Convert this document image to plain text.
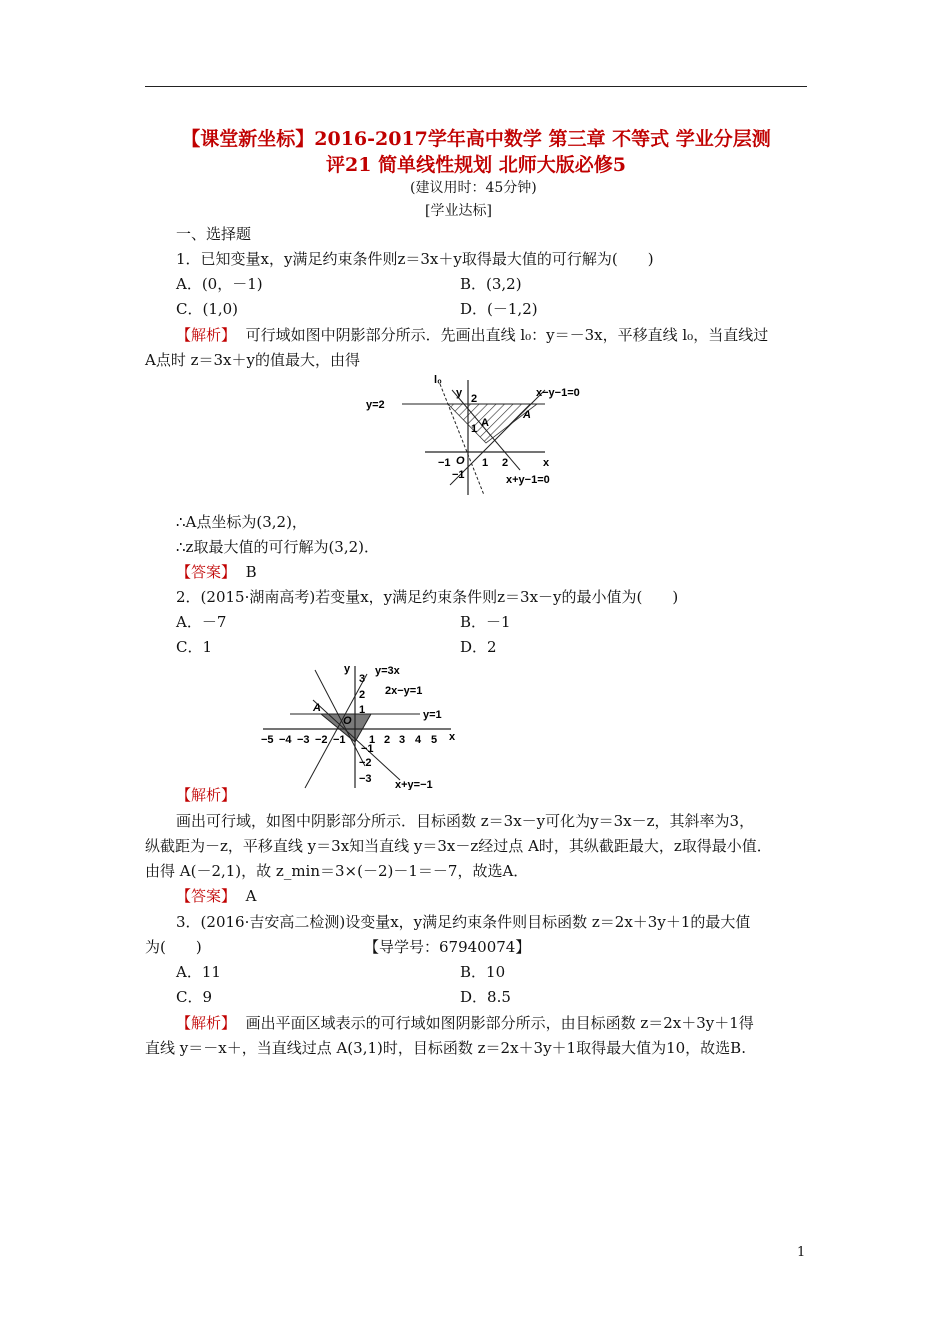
【课堂新坐标】2016-2017学年高中数学 第三章 不等式 学业分层测
评21 简单线性规划 北师大版必修5
(建议用时：45分钟)
[学业达标]
一、选择题
1．已知变量x，y满足约束条件则z＝3x＋y取得最大值的可行解为(　　)
A．(0，－1)	B．(3,2)
C．(1,0)	D．(－1,2)
【解析】 可行域如图中阴影部分所示．先画出直线 l₀：y＝－3x，平移直线 l₀，当直线过
A点时 z＝3x＋y的值最大，由得
l₀
y
x
y=2
x−y−1=0
x+y−1=0
A
A
O
−1	1 2
2
1
−1
∴A点坐标为(3,2)，
∴z取最大值的可行解为(3,2)．
【答案】 B
2．(2015·湖南高考)若变量x，y满足约束条件则z＝3x－y的最小值为(　　)
A．－7	B．－1
C．1	D．2
y
x
y=3x
2x−y=1
y=1
x+y=−1
A
O
−5 −4 −3 −2 −1 1 2 3 4 5
3
2
1
−1
−2
−3
【解析】
画出可行域，如图中阴影部分所示．目标函数 z＝3x－y可化为y＝3x－z，其斜率为3，
纵截距为－z，平移直线 y＝3x知当直线 y＝3x－z经过点 A时，其纵截距最大，z取得最小值．
由得 A(－2,1)，故 z_min＝3×(－2)－1＝－7，故选A．
【答案】 A
3．(2016·吉安高二检测)设变量x，y满足约束条件则目标函数 z＝2x＋3y＋1的最大值
为(　　)	【导学号：67940074】
A．11	B．10
C．9	D．8.5
【解析】 画出平面区域表示的可行域如图阴影部分所示，由目标函数 z＝2x＋3y＋1得
直线 y＝－x＋，当直线过点 A(3,1)时，目标函数 z＝2x＋3y＋1取得最大值为10，故选B.
1
